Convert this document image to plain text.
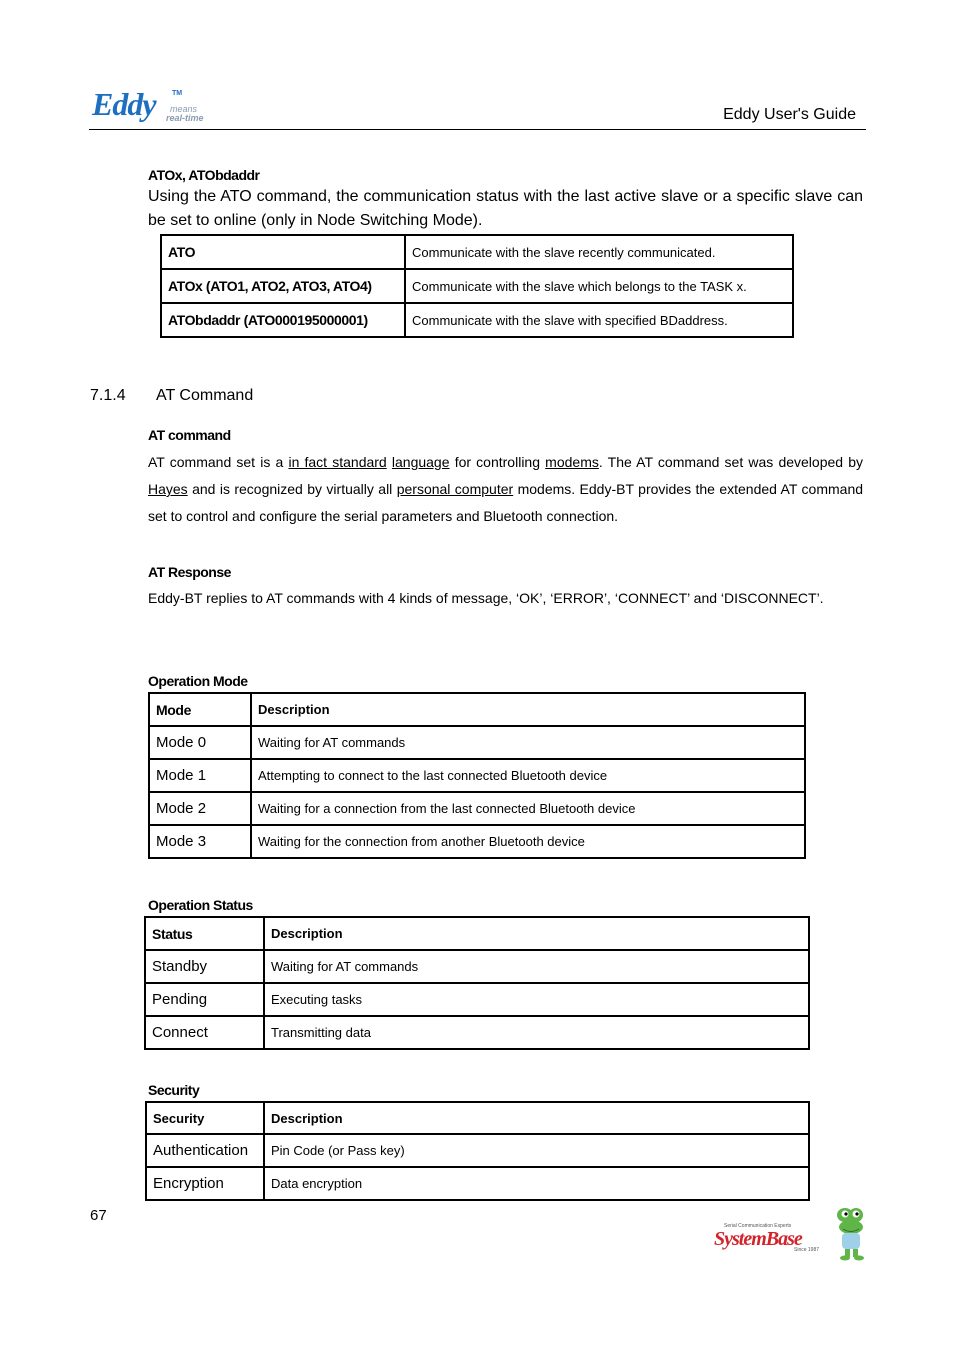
Eddy TM
means
real-time	Eddy User's Guide
ATOx, ATObdaddr
Using the ATO command, the communication status with the last active slave or a specific slave can be set to online (only in Node Switching Mode).
ATO	Communicate with the slave recently communicated.
ATOx (ATO1, ATO2, ATO3, ATO4)	Communicate with the slave which belongs to the TASK x.
ATObdaddr (ATO000195000001)	Communicate with the slave with specified BDaddress.
7.1.4 AT Command
AT command
AT command set is a in fact standard language for controlling modems. The AT command set was developed by Hayes and is recognized by virtually all personal computer modems. Eddy-BT provides the extended AT command set to control and configure the serial parameters and Bluetooth connection.
AT Response
Eddy-BT replies to AT commands with 4 kinds of message, ‘OK’, ‘ERROR’, ‘CONNECT’ and ‘DISCONNECT’.
Operation Mode
Mode	Description
Mode 0	Waiting for AT commands
Mode 1	Attempting to connect to the last connected Bluetooth device
Mode 2	Waiting for a connection from the last connected Bluetooth device
Mode 3	Waiting for the connection from another Bluetooth device
Operation Status
Status	Description
Standby	Waiting for AT commands
Pending	Executing tasks
Connect	Transmitting data
Security
Security	Description
Authentication	Pin Code (or Pass key)
Encryption	Data encryption
67
Serial Communication Experts
SystemBase
Since 1987
